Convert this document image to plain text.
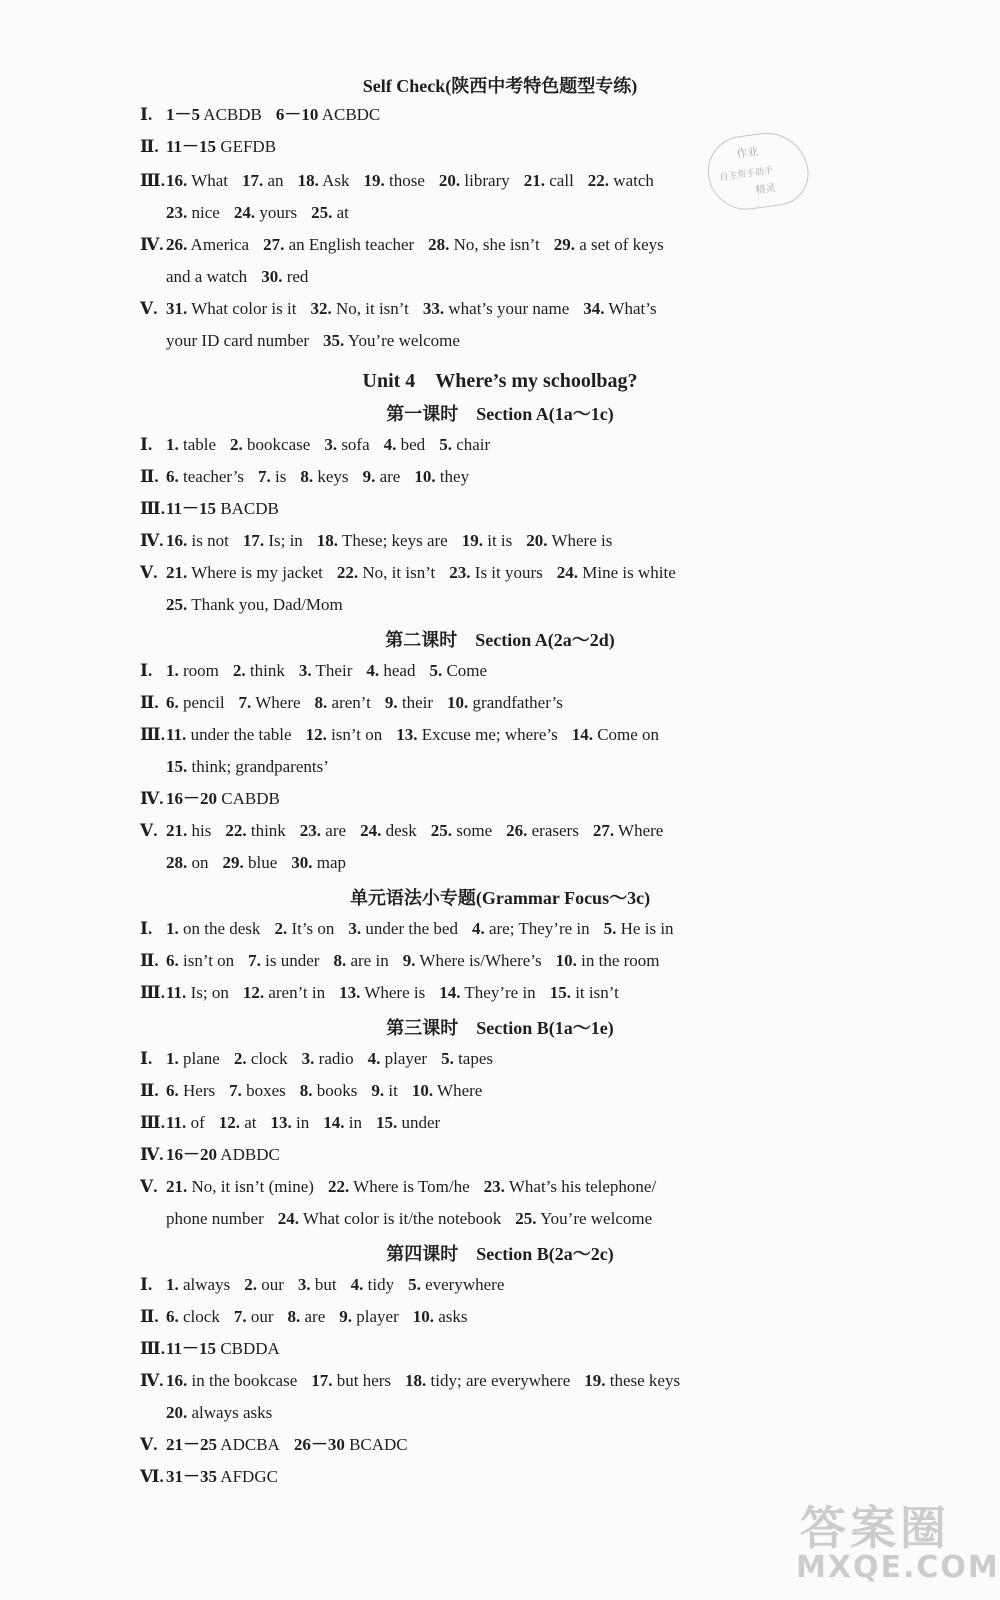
Self Check(陕西中考特色题型专练)
Unit 4　Where’s my schoolbag?
第一课时　Section A(1a～1c)
第二课时　Section A(2a～2d)
单元语法小专题(Grammar Focus～3c)
第三课时　Section B(1a～1e)
第四课时　Section B(2a～2c)
Ⅰ. 1－5 ACBDB 6－10 ACBDC
Ⅱ. 11－15 GEFDB
Ⅲ.16. What 17. an 18. Ask 19. those 20. library 21. call 22. watch
23. nice 24. yours 25. at
Ⅳ. 26. America 27. an English teacher 28. No, she isn’t 29. a set of keys
and a watch 30. red
Ⅴ. 31. What color is it 32. No, it isn’t 33. what’s your name 34. What’s
your ID card number 35. You’re welcome
Ⅰ. 1. table 2. bookcase 3. sofa 4. bed 5. chair
Ⅱ. 6. teacher’s 7. is 8. keys 9. are 10. they
Ⅲ.11－15 BACDB
Ⅳ. 16. is not 17. Is; in 18. These; keys are 19. it is 20. Where is
Ⅴ. 21. Where is my jacket 22. No, it isn’t 23. Is it yours 24. Mine is white
25. Thank you, Dad/Mom
Ⅰ. 1. room 2. think 3. Their 4. head 5. Come
Ⅱ. 6. pencil 7. Where 8. aren’t 9. their 10. grandfather’s
Ⅲ.11. under the table 12. isn’t on 13. Excuse me; where’s 14. Come on
15. think; grandparents’
Ⅳ. 16－20 CABDB
Ⅴ. 21. his 22. think 23. are 24. desk 25. some 26. erasers 27. Where
28. on 29. blue 30. map
Ⅰ. 1. on the desk 2. It’s on 3. under the bed 4. are; They’re in 5. He is in
Ⅱ. 6. isn’t on 7. is under 8. are in 9. Where is/Where’s 10. in the room
Ⅲ.11. Is; on 12. aren’t in 13. Where is 14. They’re in 15. it isn’t
Ⅰ. 1. plane 2. clock 3. radio 4. player 5. tapes
Ⅱ. 6. Hers 7. boxes 8. books 9. it 10. Where
Ⅲ.11. of 12. at 13. in 14. in 15. under
Ⅳ. 16－20 ADBDC
Ⅴ. 21. No, it isn’t (mine) 22. Where is Tom/he 23. What’s his telephone/
phone number 24. What color is it/the notebook 25. You’re welcome
Ⅰ. 1. always 2. our 3. but 4. tidy 5. everywhere
Ⅱ. 6. clock 7. our 8. are 9. player 10. asks
Ⅲ.11－15 CBDDA
Ⅳ. 16. in the bookcase 17. but hers 18. tidy; are everywhere 19. these keys
20. always asks
Ⅴ. 21－25 ADCBA 26－30 BCADC
Ⅵ. 31－35 AFDGC
作业
自主帮手助手
精灵
答案圈
MXQE.COM
